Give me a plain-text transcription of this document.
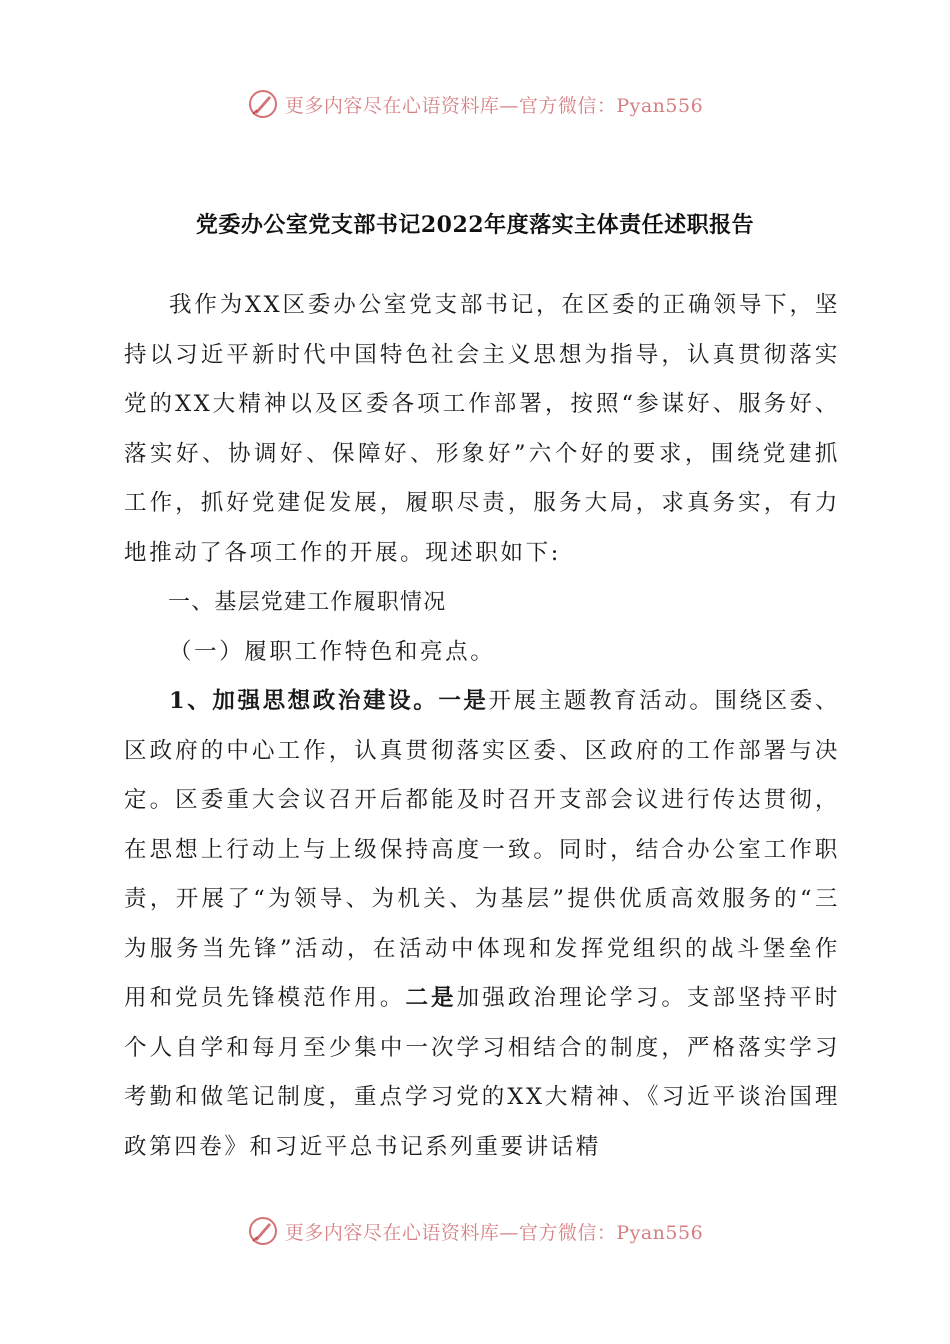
更多内容尽在心语资料库—官方微信：Pyan556
党委办公室党支部书记2022年度落实主体责任述职报告

我作为XX区委办公室党支部书记，在区委的正确领导下，坚持以习近平新时代中国特色社会主义思想为指导，认真贯彻落实党的XX大精神以及区委各项工作部署，按照“参谋好、服务好、落实好、协调好、保障好、形象好”六个好的要求，围绕党建抓工作，抓好党建促发展，履职尽责，服务大局，求真务实，有力地推动了各项工作的开展。现述职如下:

一、基层党建工作履职情况

（一）履职工作特色和亮点。

1、加强思想政治建设。一是开展主题教育活动。围绕区委、区政府的中心工作，认真贯彻落实区委、区政府的工作部署与决定。区委重大会议召开后都能及时召开支部会议进行传达贯彻，在思想上行动上与上级保持高度一致。同时，结合办公室工作职责，开展了“为领导、为机关、为基层”提供优质高效服务的“三为服务当先锋”活动，在活动中体现和发挥党组织的战斗堡垒作用和党员先锋模范作用。二是加强政治理论学习。支部坚持平时个人自学和每月至少集中一次学习相结合的制度，严格落实学习考勤和做笔记制度，重点学习党的XX大精神、《习近平谈治国理政第四卷》和习近平总书记系列重要讲话精

更多内容尽在心语资料库—官方微信：Pyan556
